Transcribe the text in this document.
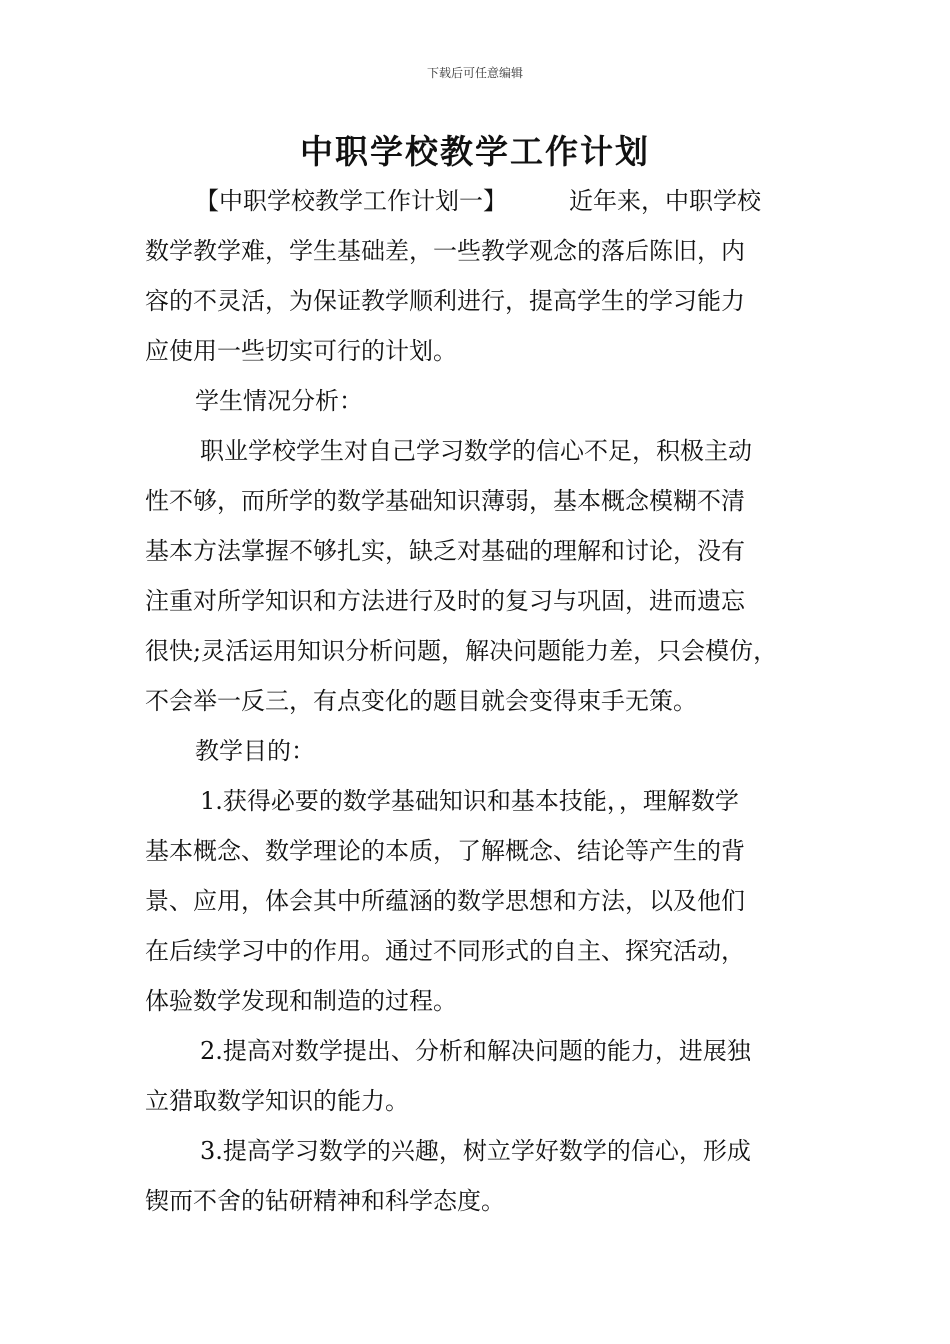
下载后可任意编辑
中职学校教学工作计划
【中职学校教学工作计划一】	近年来，中职学校
数学教学难，学生基础差，一些教学观念的落后陈旧，内
容的不灵活，为保证教学顺利进行，提高学生的学习能力
应使用一些切实可行的计划。
学生情况分析：
职业学校学生对自己学习数学的信心不足，积极主动
性不够，而所学的数学基础知识薄弱，基本概念模糊不清
基本方法掌握不够扎实，缺乏对基础的理解和讨论，没有
注重对所学知识和方法进行及时的复习与巩固，进而遗忘
很快;灵活运用知识分析问题，解决问题能力差，只会模仿，
不会举一反三，有点变化的题目就会变得束手无策。
教学目的：
1.获得必要的数学基础知识和基本技能，，理解数学
基本概念、数学理论的本质，了解概念、结论等产生的背
景、应用，体会其中所蕴涵的数学思想和方法，以及他们
在后续学习中的作用。通过不同形式的自主、探究活动，
体验数学发现和制造的过程。
2.提高对数学提出、分析和解决问题的能力，进展独
立猎取数学知识的能力。
3.提高学习数学的兴趣，树立学好数学的信心，形成
锲而不舍的钻研精神和科学态度。
